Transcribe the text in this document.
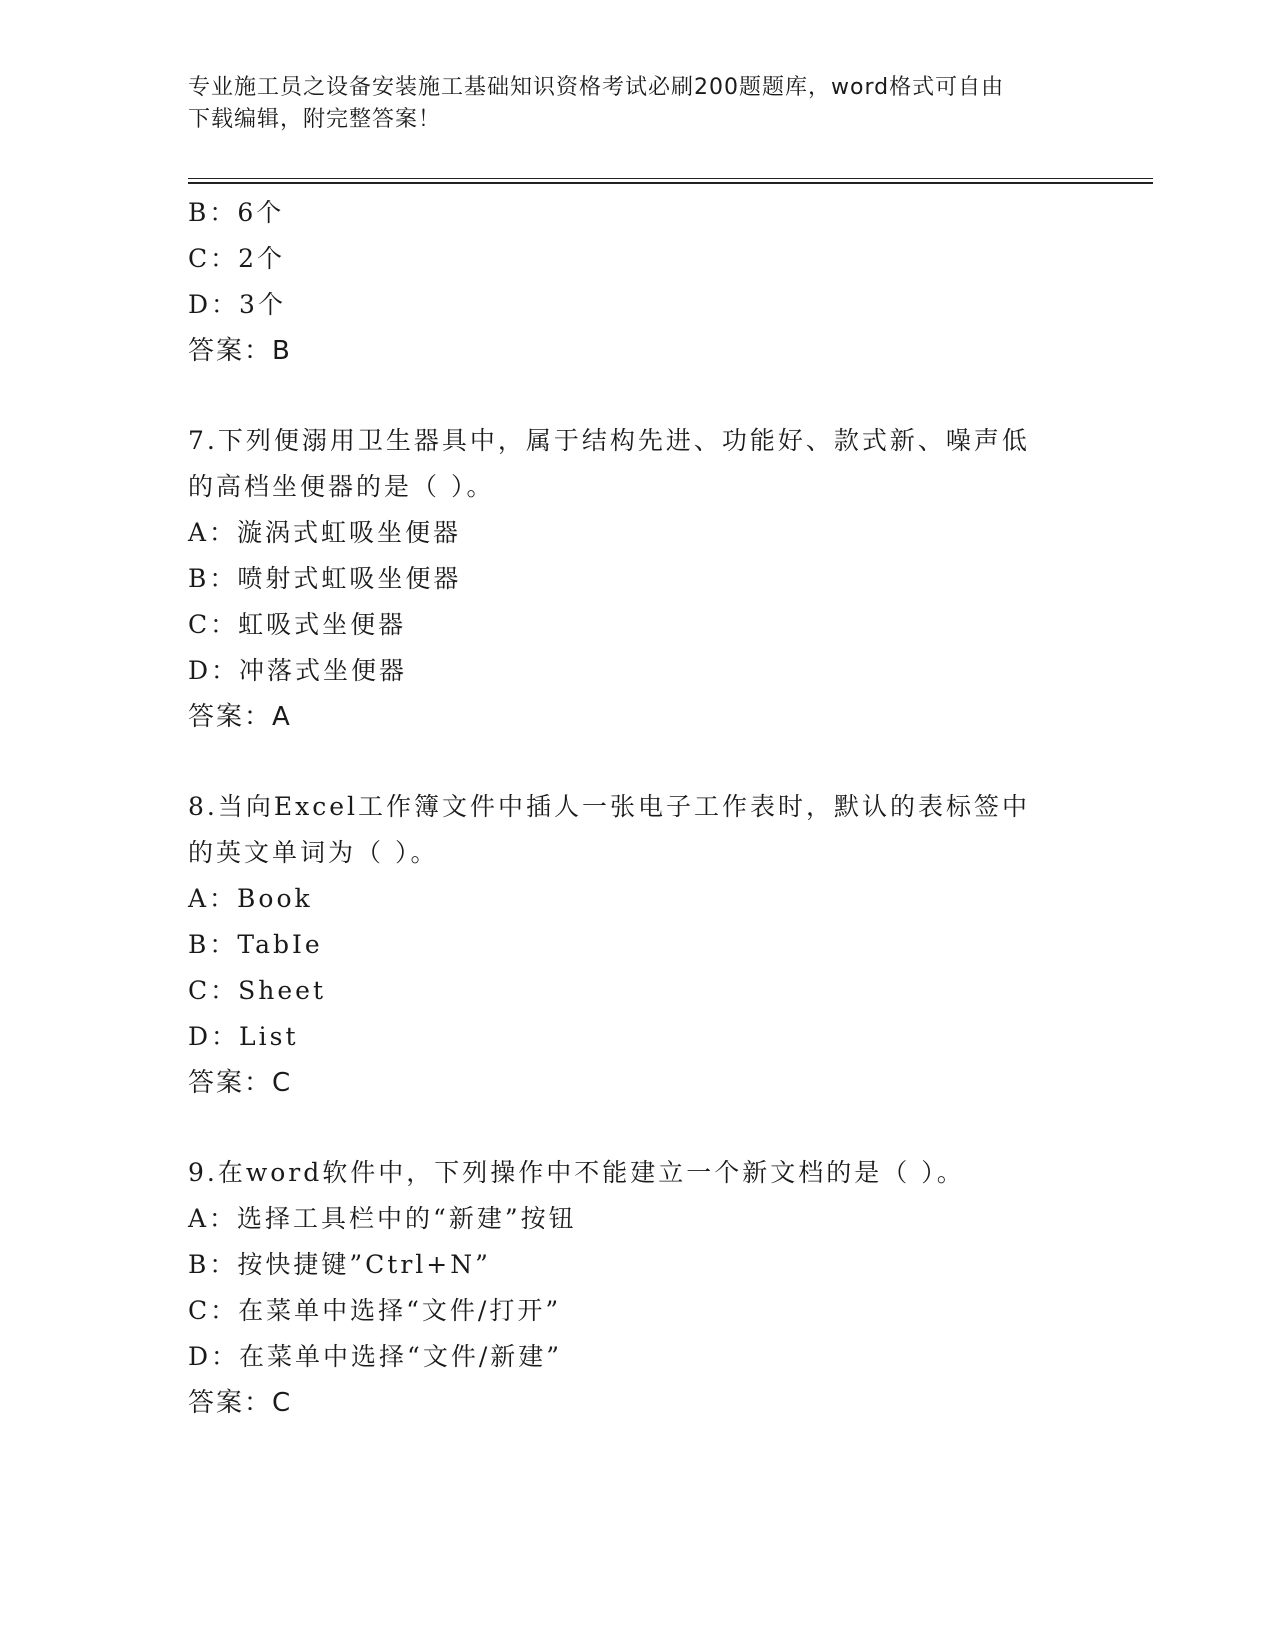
专业施工员之设备安装施工基础知识资格考试必刷200题题库，word格式可自由
下载编辑，附完整答案！
B：6个
C：2个
D：3个
答案：B
7.下列便溺用卫生器具中，属于结构先进、功能好、款式新、噪声低
的高档坐便器的是（ ）。
A：漩涡式虹吸坐便器
B：喷射式虹吸坐便器
C：虹吸式坐便器
D：冲落式坐便器
答案：A
8.当向Excel工作簿文件中插人一张电子工作表时，默认的表标签中
的英文单词为（ ）。
A：Book
B：TabIe
C：Sheet
D：List
答案：C
9.在word软件中，下列操作中不能建立一个新文档的是（ ）。
A：选择工具栏中的“新建”按钮
B：按快捷键”Ctrl+N”
C：在菜单中选择“文件/打开”
D：在菜单中选择“文件/新建”
答案：C
